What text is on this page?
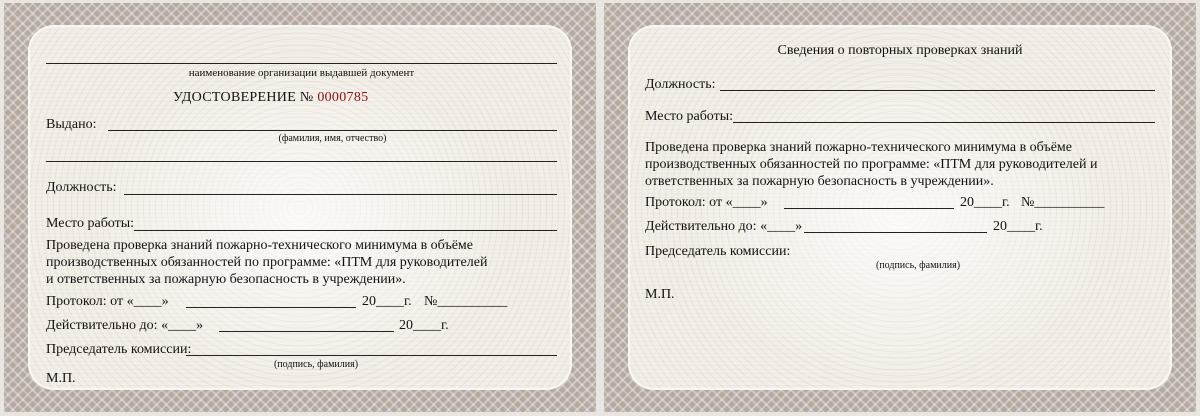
наименование организации выдавшей документ
УДОСТОВЕРЕНИЕ № 0000785
Выдано:
(фамилия, имя, отчество)
Должность:
Место работы:
Проведена проверка знаний пожарно-технического минимума в объёме производственных обязанностей по программе: «ПТМ для руководителей и ответственных за пожарную безопасность в учреждении».
Протокол: от «____»	20____г. №__________
Действительно до: «____»	20____г.
Председатель комиссии:
(подпись, фамилия)
М.П.
Сведения о повторных проверках знаний
Должность:
Место работы:
Проведена проверка знаний пожарно-технического минимума в объёме производственных обязанностей по программе: «ПТМ для руководителей и ответственных за пожарную безопасность в учреждении».
Протокол: от «____»	20____г. №__________
Действительно до: «____»	20____г.
Председатель комиссии:
(подпись, фамилия)
М.П.
